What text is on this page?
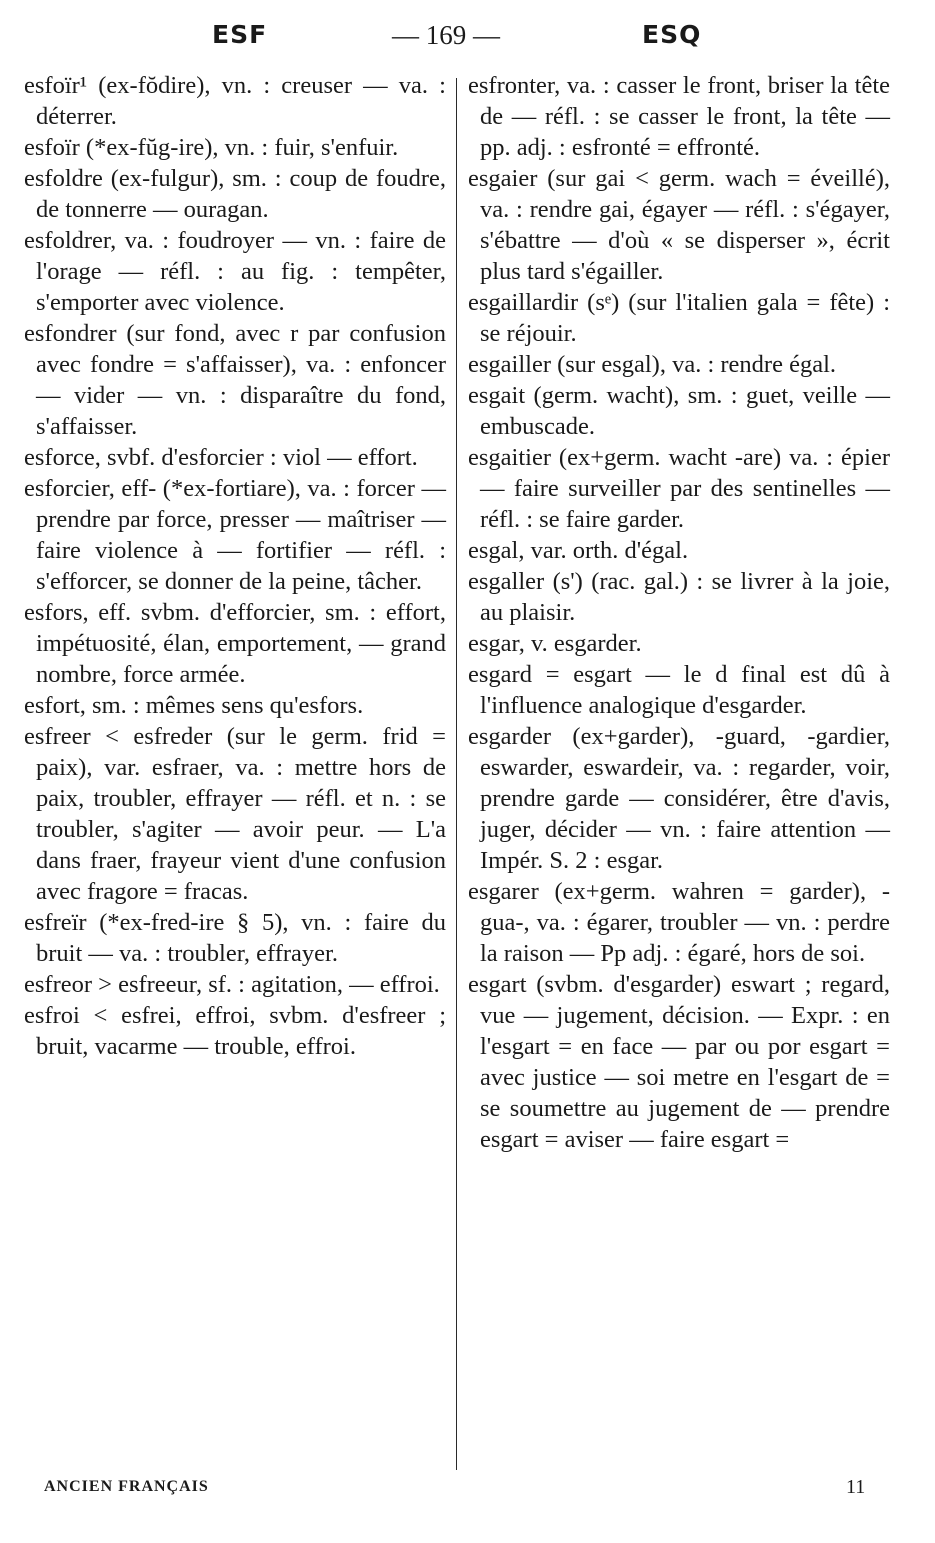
ESF	— 169 —	ESQ

esfoïr¹ (ex-fŏdire), vn. : creuser — va. : déterrer.

esfoïr (*ex-fŭg-ire), vn. : fuir, s'enfuir.

esfoldre (ex-fulgur), sm. : coup de foudre, de tonnerre — ouragan.

esfoldrer, va. : foudroyer — vn. : faire de l'orage — réfl. : au fig. : tempêter, s'emporter avec violence.

esfondrer (sur fond, avec r par confusion avec fondre = s'affaisser), va. : enfoncer — vider — vn. : disparaître du fond, s'affaisser.

esforce, svbf. d'esforcier : viol — effort.

esforcier, eff- (*ex-fortiare), va. : forcer — prendre par force, presser — maîtriser — faire violence à — fortifier — réfl. : s'efforcer, se donner de la peine, tâcher.

esfors, eff. svbm. d'efforcier, sm. : effort, impétuosité, élan, emportement, — grand nombre, force armée.

esfort, sm. : mêmes sens qu'esfors.

esfreer < esfreder (sur le germ. frid = paix), var. esfraer, va. : mettre hors de paix, troubler, effrayer — réfl. et n. : se troubler, s'agiter — avoir peur. — L'a dans fraer, frayeur vient d'une confusion avec fragore = fracas.

esfreïr (*ex-fred-ire § 5), vn. : faire du bruit — va. : troubler, effrayer.

esfreor > esfreeur, sf. : agitation, — effroi.

esfroi < esfrei, effroi, svbm. d'esfreer ; bruit, vacarme — trouble, effroi.

esfronter, va. : casser le front, briser la tête de — réfl. : se casser le front, la tête — pp. adj. : esfronté = effronté.

esgaier (sur gai < germ. wach = éveillé), va. : rendre gai, égayer — réfl. : s'égayer, s'ébattre — d'où « se disperser », écrit plus tard s'égailler.

esgaillardir (sᵉ) (sur l'italien gala = fête) : se réjouir.

esgailler (sur esgal), va. : rendre égal.

esgait (germ. wacht), sm. : guet, veille — embuscade.

esgaitier (ex+germ. wacht -are) va. : épier — faire surveiller par des sentinelles — réfl. : se faire garder.

esgal, var. orth. d'égal.

esgaller (s') (rac. gal.) : se livrer à la joie, au plaisir.

esgar, v. esgarder.

esgard = esgart — le d final est dû à l'influence analogique d'esgarder.

esgarder (ex+garder), -guard, -gardier, eswarder, eswardeir, va. : regarder, voir, prendre garde — considérer, être d'avis, juger, décider — vn. : faire attention — Impér. S. 2 : esgar.

esgarer (ex+germ. wahren = garder), -gua-, va. : égarer, troubler — vn. : perdre la raison — Pp adj. : égaré, hors de soi.

esgart (svbm. d'esgarder) eswart ; regard, vue — jugement, décision. — Expr. : en l'esgart = en face — par ou por esgart = avec justice — soi metre en l'esgart de = se soumettre au jugement de — prendre esgart = aviser — faire esgart =

ANCIEN FRANÇAIS	11
